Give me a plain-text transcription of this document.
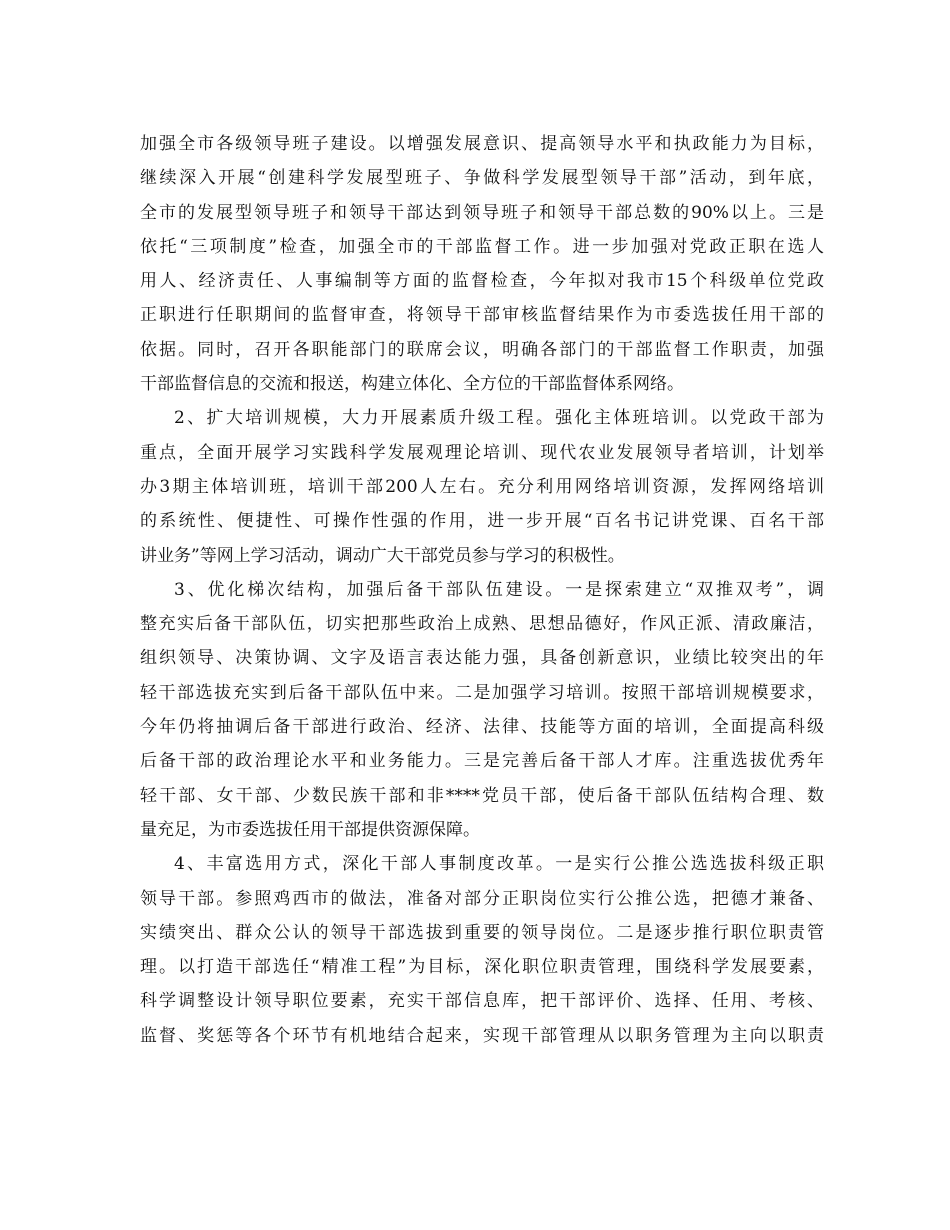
加强全市各级领导班子建设。以增强发展意识、提高领导水平和执政能力为目标，
继续深入开展“创建科学发展型班子、争做科学发展型领导干部”活动，到年底，
全市的发展型领导班子和领导干部达到领导班子和领导干部总数的90%以上。三是
依托“三项制度”检查，加强全市的干部监督工作。进一步加强对党政正职在选人
用人、经济责任、人事编制等方面的监督检查，今年拟对我市15个科级单位党政
正职进行任职期间的监督审查，将领导干部审核监督结果作为市委选拔任用干部的
依据。同时，召开各职能部门的联席会议，明确各部门的干部监督工作职责，加强
干部监督信息的交流和报送，构建立体化、全方位的干部监督体系网络。
2、扩大培训规模，大力开展素质升级工程。强化主体班培训。以党政干部为
重点，全面开展学习实践科学发展观理论培训、现代农业发展领导者培训，计划举
办3期主体培训班，培训干部200人左右。充分利用网络培训资源，发挥网络培训
的系统性、便捷性、可操作性强的作用，进一步开展“百名书记讲党课、百名干部
讲业务”等网上学习活动，调动广大干部党员参与学习的积极性。
3、优化梯次结构，加强后备干部队伍建设。一是探索建立“双推双考”，调
整充实后备干部队伍，切实把那些政治上成熟、思想品德好，作风正派、清政廉洁，
组织领导、决策协调、文字及语言表达能力强，具备创新意识，业绩比较突出的年
轻干部选拔充实到后备干部队伍中来。二是加强学习培训。按照干部培训规模要求，
今年仍将抽调后备干部进行政治、经济、法律、技能等方面的培训，全面提高科级
后备干部的政治理论水平和业务能力。三是完善后备干部人才库。注重选拔优秀年
轻干部、女干部、少数民族干部和非****党员干部，使后备干部队伍结构合理、数
量充足，为市委选拔任用干部提供资源保障。
4、丰富选用方式，深化干部人事制度改革。一是实行公推公选选拔科级正职
领导干部。参照鸡西市的做法，准备对部分正职岗位实行公推公选，把德才兼备、
实绩突出、群众公认的领导干部选拔到重要的领导岗位。二是逐步推行职位职责管
理。以打造干部选任“精准工程”为目标，深化职位职责管理，围绕科学发展要素，
科学调整设计领导职位要素，充实干部信息库，把干部评价、选择、任用、考核、
监督、奖惩等各个环节有机地结合起来，实现干部管理从以职务管理为主向以职责
